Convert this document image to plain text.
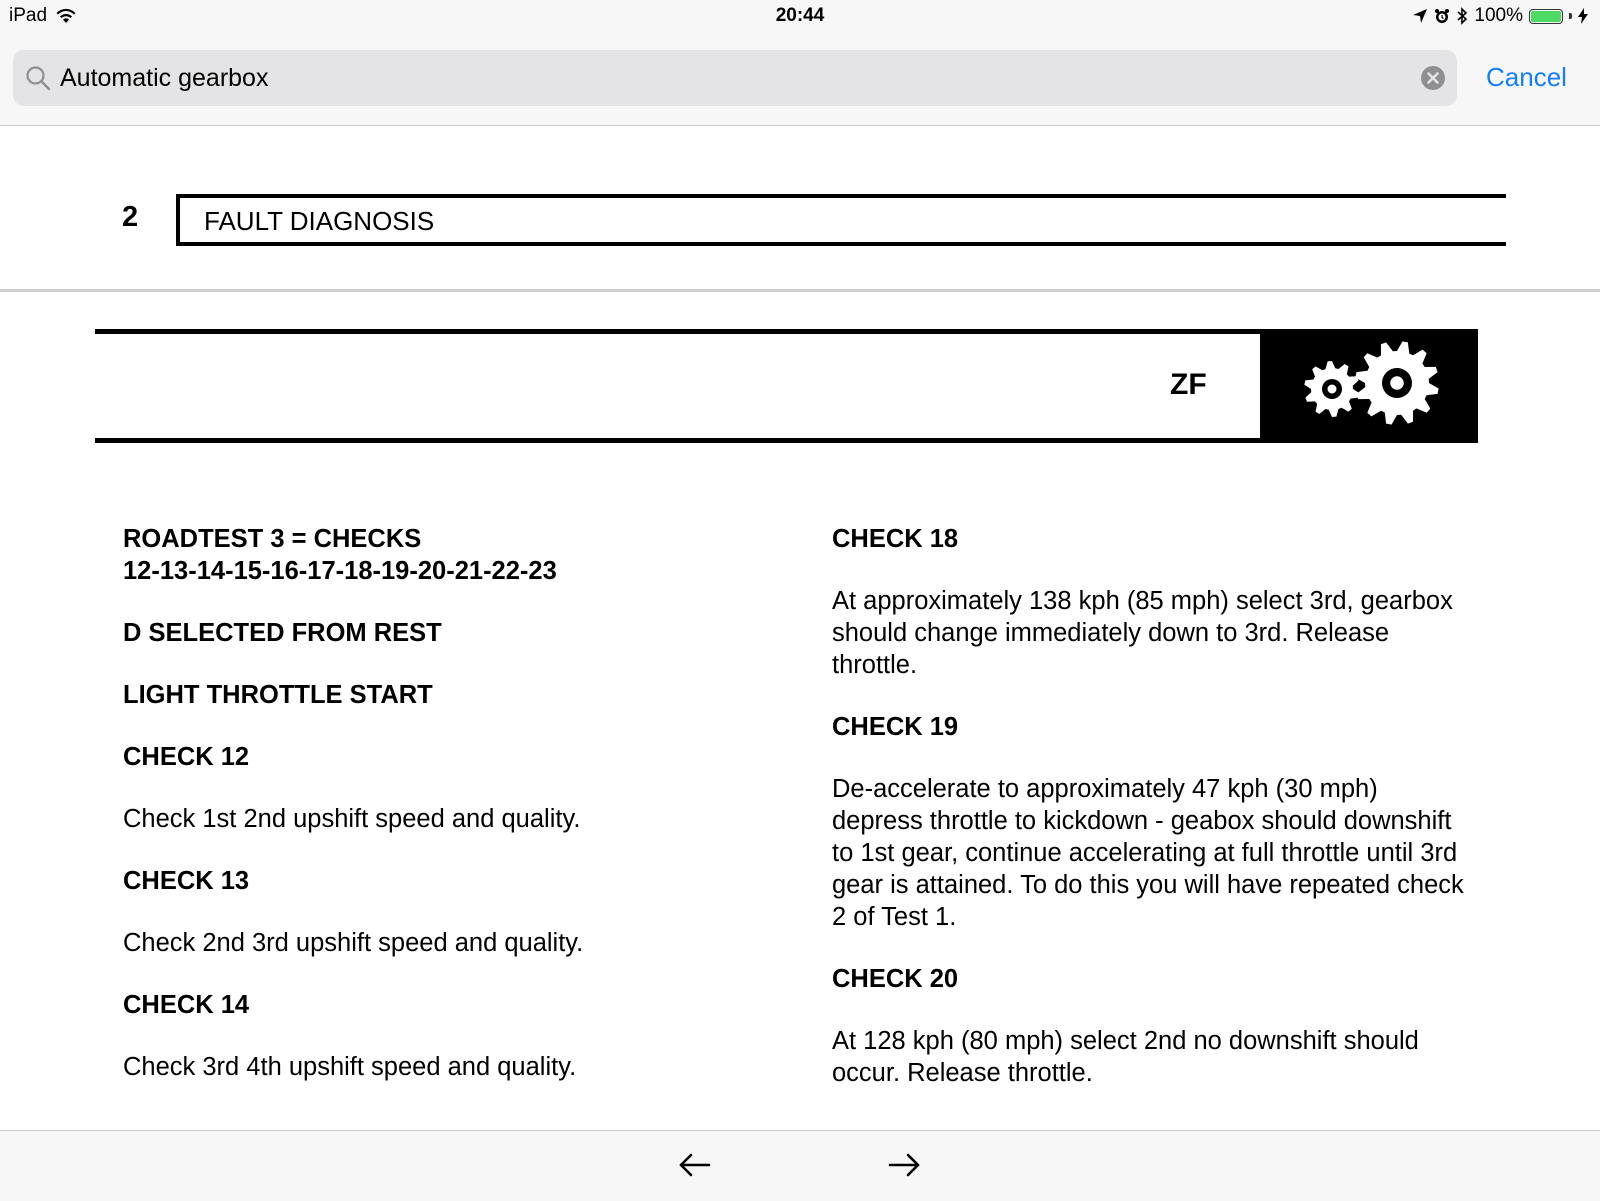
iPad	20:44	100%
Automatic gearbox
Cancel
2	FAULT DIAGNOSIS
ZF
ROADTEST 3 = CHECKS
12-13-14-15-16-17-18-19-20-21-22-23
D SELECTED FROM REST
LIGHT THROTTLE START
CHECK 12
Check 1st 2nd upshift speed and quality.
CHECK 13
Check 2nd 3rd upshift speed and quality.
CHECK 14
Check 3rd 4th upshift speed and quality.
CHECK 18
At approximately 138 kph (85 mph) select 3rd, gearbox should change immediately down to 3rd. Release throttle.
CHECK 19
De-accelerate to approximately 47 kph (30 mph) depress throttle to kickdown - geabox should downshift to 1st gear, continue accelerating at full throttle until 3rd gear is attained. To do this you will have repeated check 2 of Test 1.
CHECK 20
At 128 kph (80 mph) select 2nd no downshift should occur. Release throttle.
